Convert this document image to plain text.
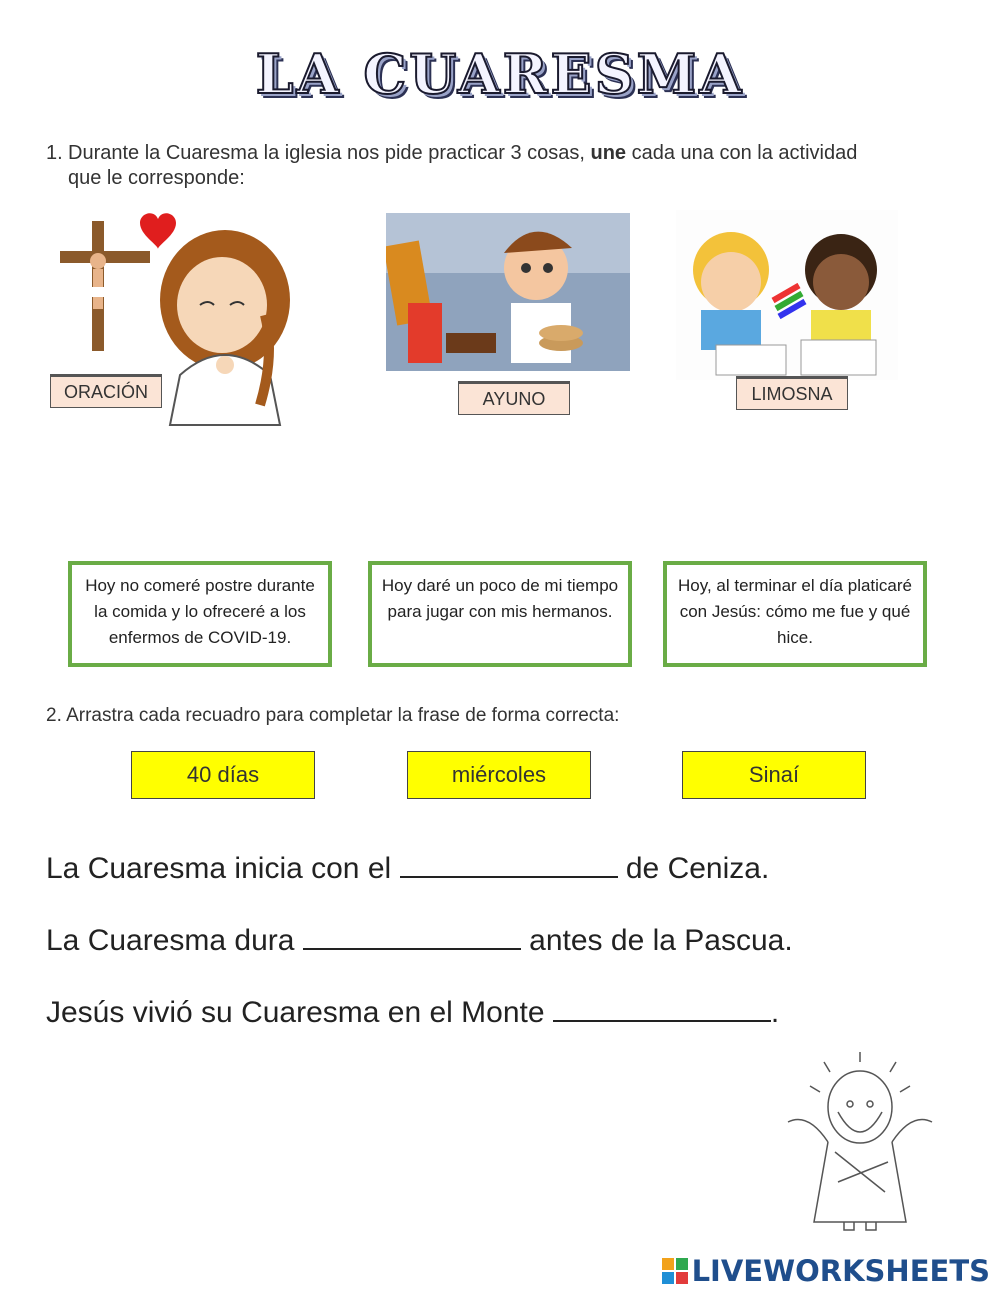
LA CUARESMA
1. Durante la Cuaresma la iglesia nos pide practicar 3 cosas, une cada una con la actividad
que le corresponde:
ORACIÓN	AYUNO	LIMOSNA
Hoy no comeré postre durante la comida y lo ofreceré a los enfermos de COVID-19.
Hoy daré un poco de mi tiempo para jugar con mis hermanos.
Hoy, al terminar el día platicaré con Jesús: cómo me fue y qué hice.
2. Arrastra cada recuadro para completar la frase de forma correcta:
40 días	miércoles	Sinaí
La Cuaresma inicia con el	de Ceniza.
La Cuaresma dura	antes de la Pascua.
Jesús vivió su Cuaresma en el Monte	.
LIVEWORKSHEETS
